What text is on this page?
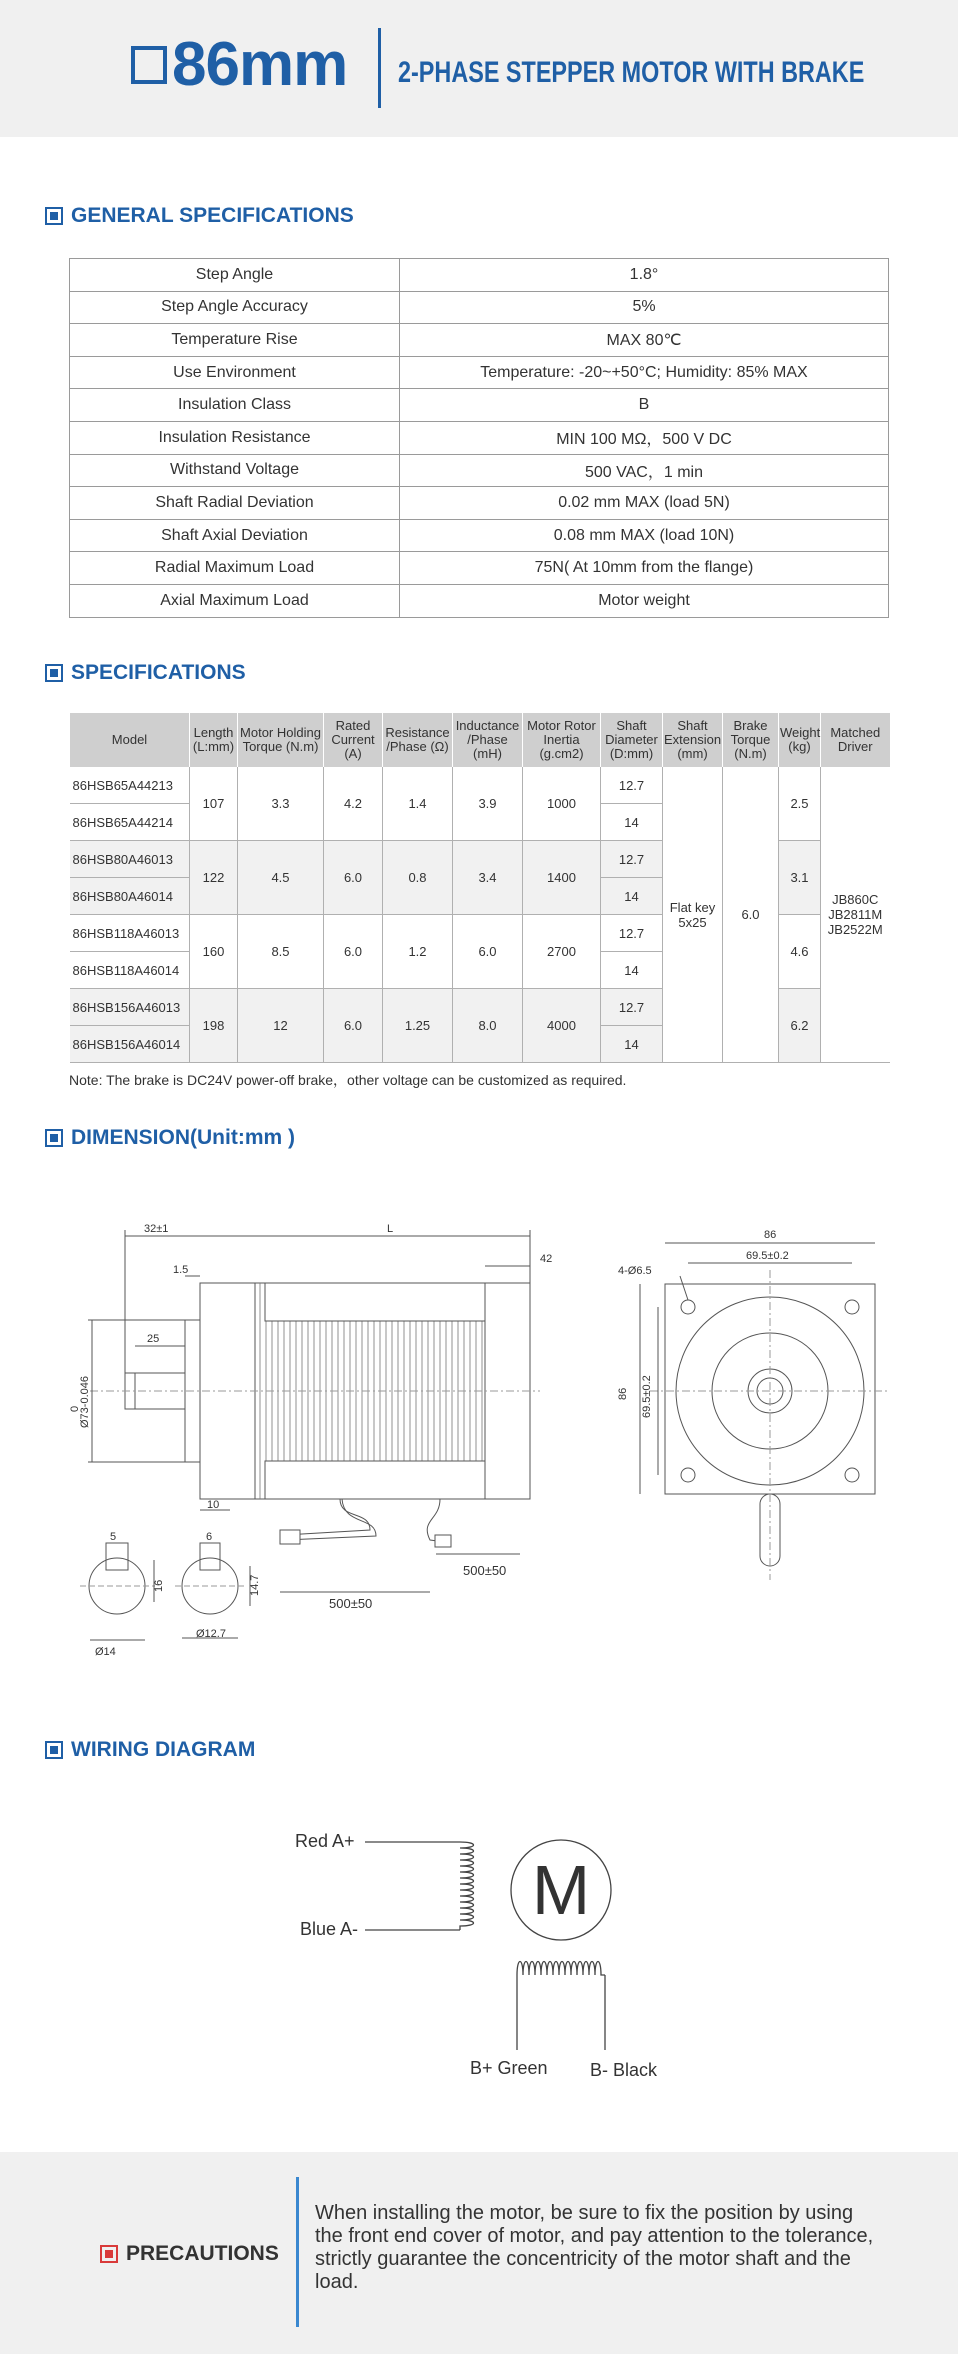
86mm 2-PHASE STEPPER MOTOR WITH BRAKE
GENERAL SPECIFICATIONS
Step Angle	1.8°
Step Angle Accuracy	5%
Temperature Rise	MAX 80℃
Use Environment	Temperature: -20~+50°C; Humidity: 85% MAX
Insulation Class	B
Insulation Resistance	MIN 100 MΩ，500 V DC
Withstand Voltage	500 VAC，1 min
Shaft Radial Deviation	0.02 mm MAX (load 5N)
Shaft Axial Deviation	0.08 mm MAX (load 10N)
Radial Maximum Load	75N( At 10mm from the flange)
Axial Maximum Load	Motor weight
SPECIFICATIONS
Model	Length (L:mm)	Motor Holding Torque (N.m)	Rated Current (A)	Resistance /Phase (Ω)	Inductance /Phase (mH)	Motor Rotor Inertia (g.cm2)	Shaft Diameter (D:mm)	Shaft Extension (mm)	Brake Torque (N.m)	Weight (kg)	Matched Driver
86HSB65A44213	107	3.3	4.2	1.4	3.9	1000	12.7	Flat key 5x25	6.0	2.5	JB860C JB2811M JB2522M
86HSB65A44214							14				
86HSB80A46013	122	4.5	6.0	0.8	3.4	1400	12.7			3.1	
86HSB80A46014							14				
86HSB118A46013	160	8.5	6.0	1.2	6.0	2700	12.7			4.6	
86HSB118A46014							14				
86HSB156A46013	198	12	6.0	1.25	8.0	4000	12.7			6.2	
86HSB156A46014							14				
Note: The brake is DC24V power-off brake，other voltage can be customized as required.
DIMENSION(Unit:mm )
32±1	L
42
1.5
25
0
Ø73-0.046
10
5	6
16	14.7
Ø14
Ø12.7
500±50
500±50
86
69.5±0.2
4-Ø6.5
86 69.5±0.2
WIRING DIAGRAM
M
Red A+
Blue A-
B+ Green B- Black
PRECAUTIONS
When installing the motor, be sure to fix the position by using the front end cover of motor, and pay attention to the tolerance, strictly guarantee the concentricity of the motor shaft and the load.
